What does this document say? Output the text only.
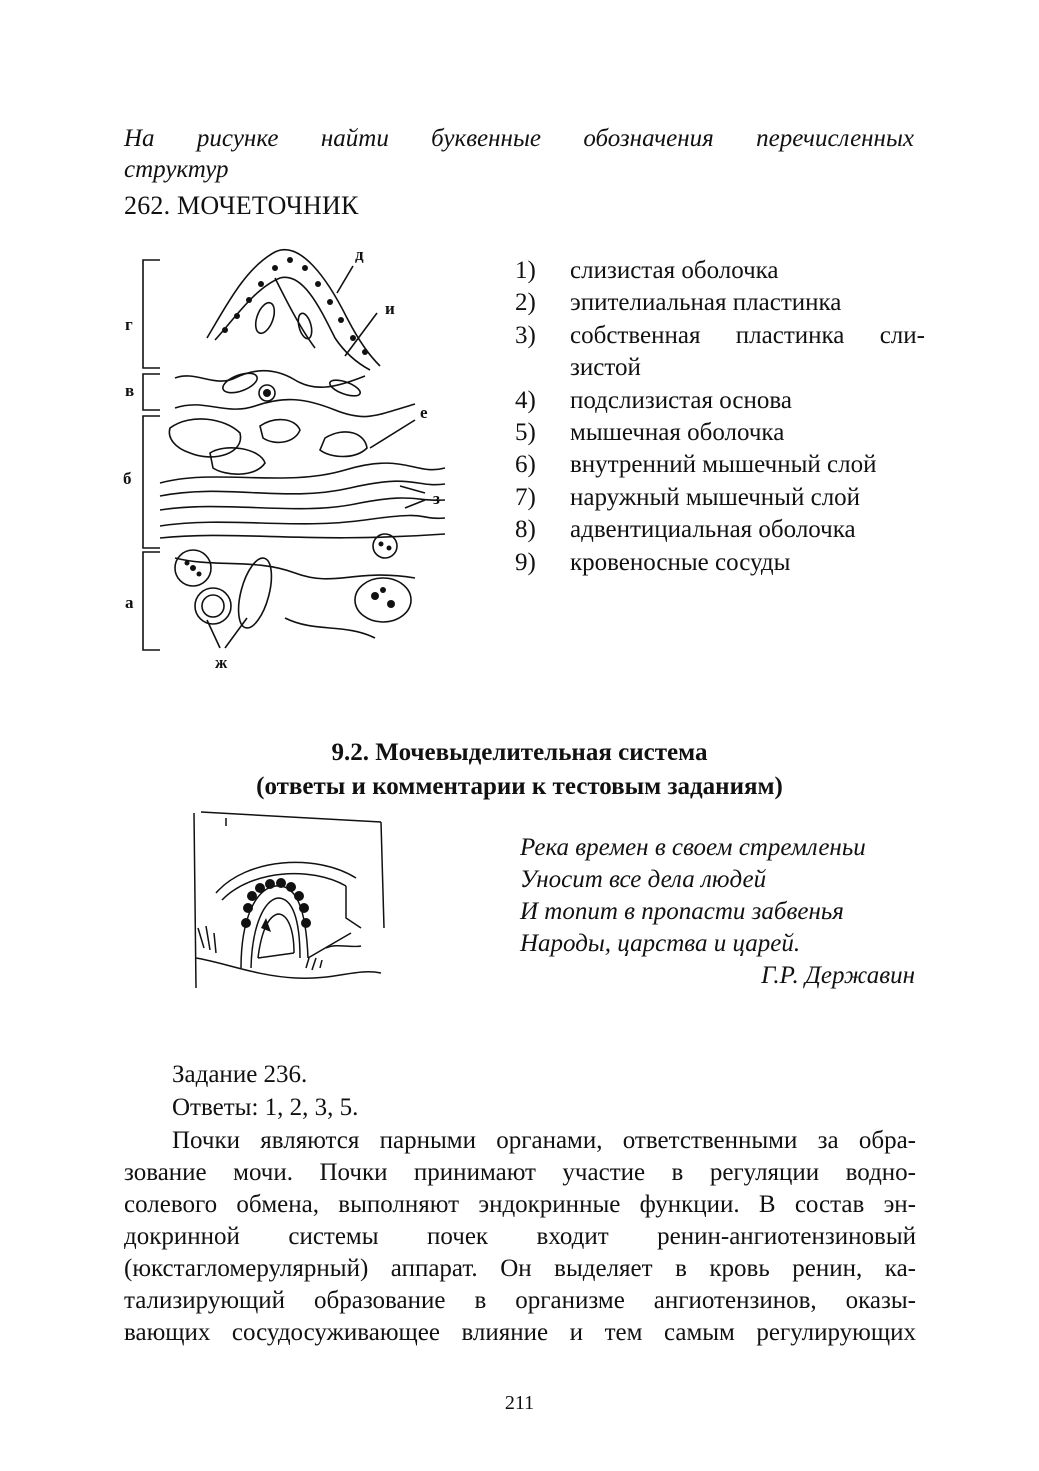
На рисунке найти буквенные обозначения перечисленных
структур
262. МОЧЕТОЧНИК
д
и
г
в
е
б
з
а
ж
1)	слизистая оболочка
2)	эпителиальная пластинка
3)	собственная пластинка сли-
зистой
4)	подслизистая основа
5)	мышечная оболочка
6)	внутренний мышечный слой
7)	наружный мышечный слой
8)	адвентициальная оболочка
9)	кровеносные сосуды
9.2. Мочевыделительная система
(ответы и комментарии к тестовым заданиям)
Река времен в своем стремленьи
Уносит все дела людей
И топит в пропасти забвенья
Народы, царства и царей.
Г.Р. Державин
Задание 236.
Ответы: 1, 2, 3, 5.
Почки являются парными органами, ответственными за обра-
зование мочи. Почки принимают участие в регуляции водно-
солевого обмена, выполняют эндокринные функции. В состав эн-
докринной системы почек входит ренин-ангиотензиновый
(юкстагломерулярный) аппарат. Он выделяет в кровь ренин, ка-
тализирующий образование в организме ангиотензинов, оказы-
вающих сосудосуживающее влияние и тем самым регулирующих
211
